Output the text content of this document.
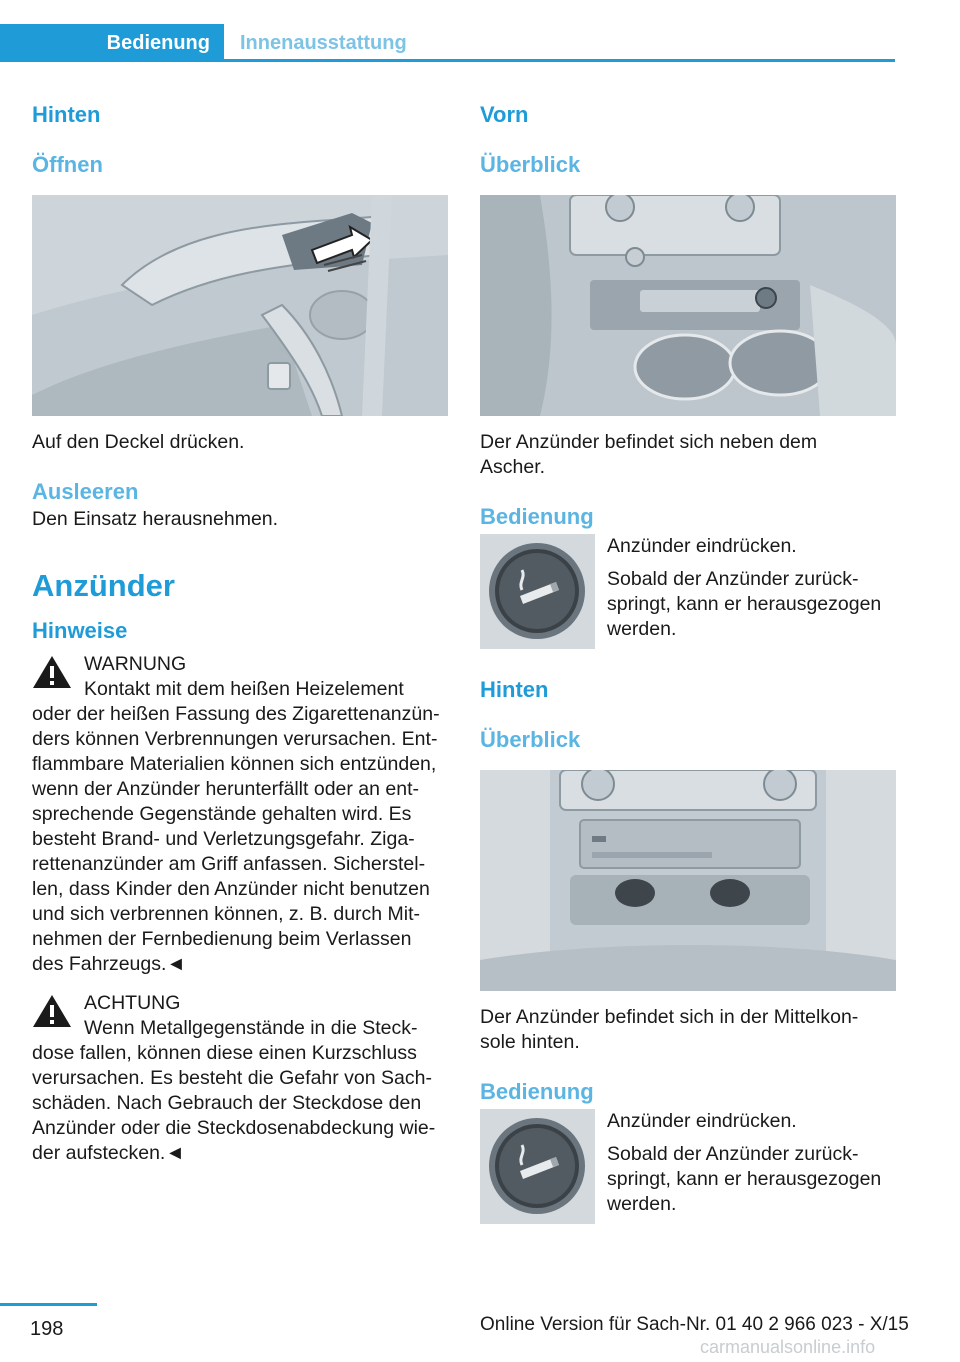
Bedienung	Innenausstattung
Hinten
Öffnen
Auf den Deckel drücken.
Ausleeren
Den Einsatz herausnehmen.
Anzünder
Hinweise
WARNUNG
Kontakt mit dem heißen Heizelement
oder der heißen Fassung des Zigarettenanzün-
ders können Verbrennungen verursachen. Ent-
flammbare Materialien können sich entzünden,
wenn der Anzünder herunterfällt oder an ent-
sprechende Gegenstände gehalten wird. Es
besteht Brand- und Verletzungsgefahr. Ziga-
rettenanzünder am Griff anfassen. Sicherstel-
len, dass Kinder den Anzünder nicht benutzen
und sich verbrennen können, z. B. durch Mit-
nehmen der Fernbedienung beim Verlassen
des Fahrzeugs.◄
ACHTUNG
Wenn Metallgegenstände in die Steck-
dose fallen, können diese einen Kurzschluss
verursachen. Es besteht die Gefahr von Sach-
schäden. Nach Gebrauch der Steckdose den
Anzünder oder die Steckdosenabdeckung wie-
der aufstecken.◄
Vorn
Überblick
Der Anzünder befindet sich neben dem
Ascher.
Bedienung
Anzünder eindrücken.
Sobald der Anzünder zurück-
springt, kann er herausgezogen
werden.
Hinten
Überblick
Der Anzünder befindet sich in der Mittelkon-
sole hinten.
Bedienung
Anzünder eindrücken.
Sobald der Anzünder zurück-
springt, kann er herausgezogen
werden.
198	Online Version für Sach-Nr. 01 40 2 966 023 - X/15
carmanualsonline.info
